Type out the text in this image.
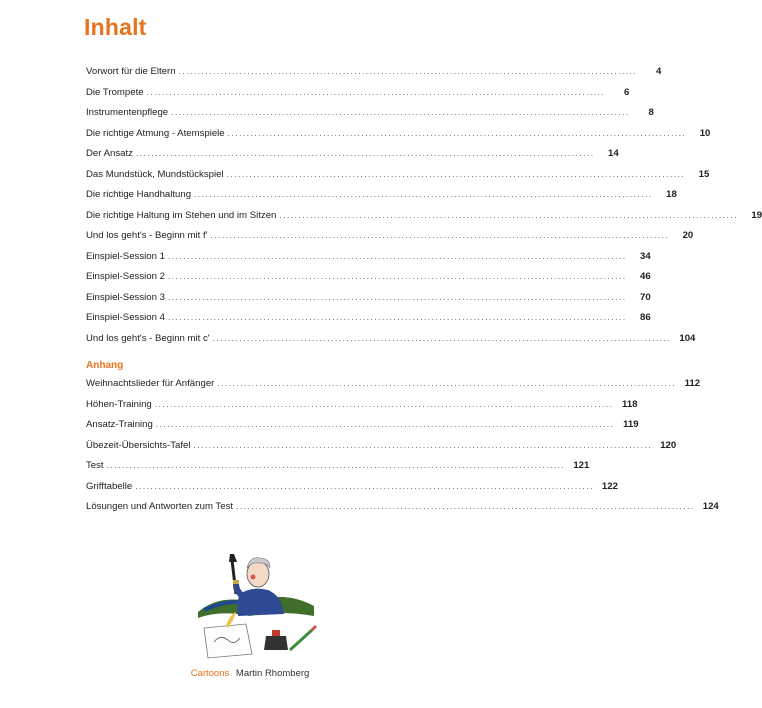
Inhalt
Vorwort für die Eltern ........................................................................................................................	4
Die Trompete ........................................................................................................................	6
Instrumentenpflege ........................................................................................................................	8
Die richtige Atmung - Atemspiele ........................................................................................................................	10
Der Ansatz ........................................................................................................................	14
Das Mundstück, Mundstückspiel ........................................................................................................................	15
Die richtige Handhaltung ........................................................................................................................	18
Die richtige Haltung im Stehen und im Sitzen ........................................................................................................................	19
Und los geht's - Beginn mit f' ........................................................................................................................	20
Einspiel-Session 1 ........................................................................................................................	34
Einspiel-Session 2 ........................................................................................................................	46
Einspiel-Session 3 ........................................................................................................................	70
Einspiel-Session 4 ........................................................................................................................	86
Und los geht's - Beginn mit c' ........................................................................................................................ 104
Anhang
Weihnachtslieder für Anfänger ........................................................................................................................ 112
Höhen-Training ........................................................................................................................ 118
Ansatz-Training ........................................................................................................................ 119
Übezeit-Übersichts-Tafel ........................................................................................................................ 120
Test ........................................................................................................................ 121
Grifftabelle ........................................................................................................................ 122
Lösungen und Antworten zum Test ........................................................................................................................ 124
Cartoons Martin Rhomberg
